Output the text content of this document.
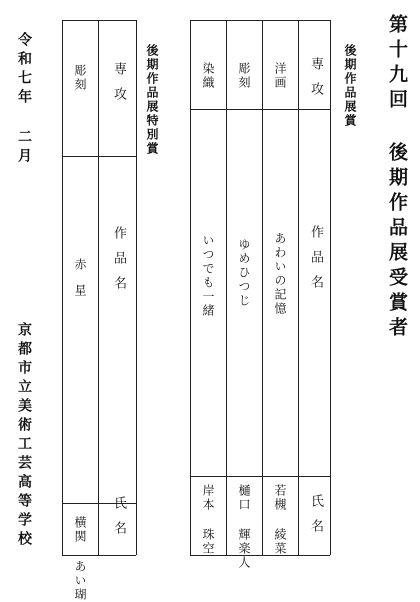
第十九回 後期作品展受賞者
後期作品展賞
専攻
作品名
氏名
洋画
あわいの記憶
若槻 綾菜
彫刻
ゆめひつじ
樋口 輝楽人
染織
いつでも一緒
岸本 珠空
後期作品展特別賞
専攻
作品名
氏名
彫刻
赤星
横関 あい瑚
令和七年 二月
京都市立美術工芸高等学校
